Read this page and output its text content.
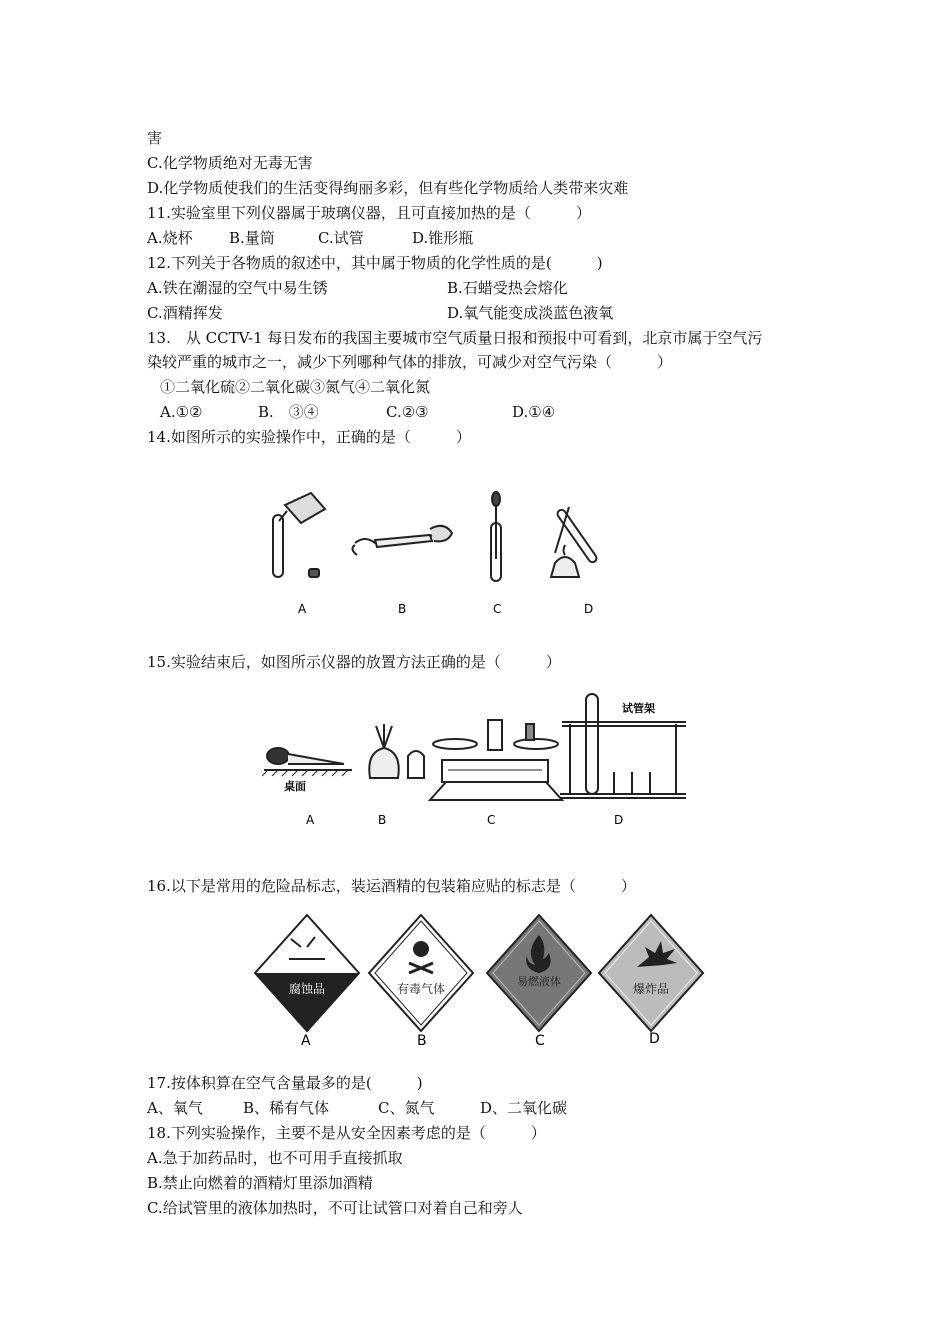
害
C.化学物质绝对无毒无害
D.化学物质使我们的生活变得绚丽多彩，但有些化学物质给人类带来灾难
11.实验室里下列仪器属于玻璃仪器，且可直接加热的是（　　　）
A.烧杯 B.量筒	C.试管	D.锥形瓶
12.下列关于各物质的叙述中，其中属于物质的化学性质的是(　　　)
A.铁在潮湿的空气中易生锈	B.石蜡受热会熔化
C.酒精挥发	D.氧气能变成淡蓝色液氧
13.　从 CCTV-1 每日发布的我国主要城市空气质量日报和预报中可看到，北京市属于空气污
染较严重的城市之一，减少下列哪种气体的排放，可减少对空气污染（　　　）
①二氧化硫②二氧化碳③氮气④二氧化氮
A.①②	B.　③④	C.②③	D.①④
14.如图所示的实验操作中，正确的是（　　　）
A	B	C	D
15.实验结束后，如图所示仪器的放置方法正确的是（　　　）
桌面
试管架
A	B	C	D
16.以下是常用的危险品标志，装运酒精的包装箱应贴的标志是（　　　）
腐蚀品	有毒气体
易燃液体
爆炸品
A	B	C	D
17.按体积算在空气含量最多的是(　　　)
A、氧气	B、稀有气体	C、氮气	D、二氧化碳
18.下列实验操作，主要不是从安全因素考虑的是（　　　）
A.急于加药品时，也不可用手直接抓取
B.禁止向燃着的酒精灯里添加酒精
C.给试管里的液体加热时，不可让试管口对着自己和旁人
